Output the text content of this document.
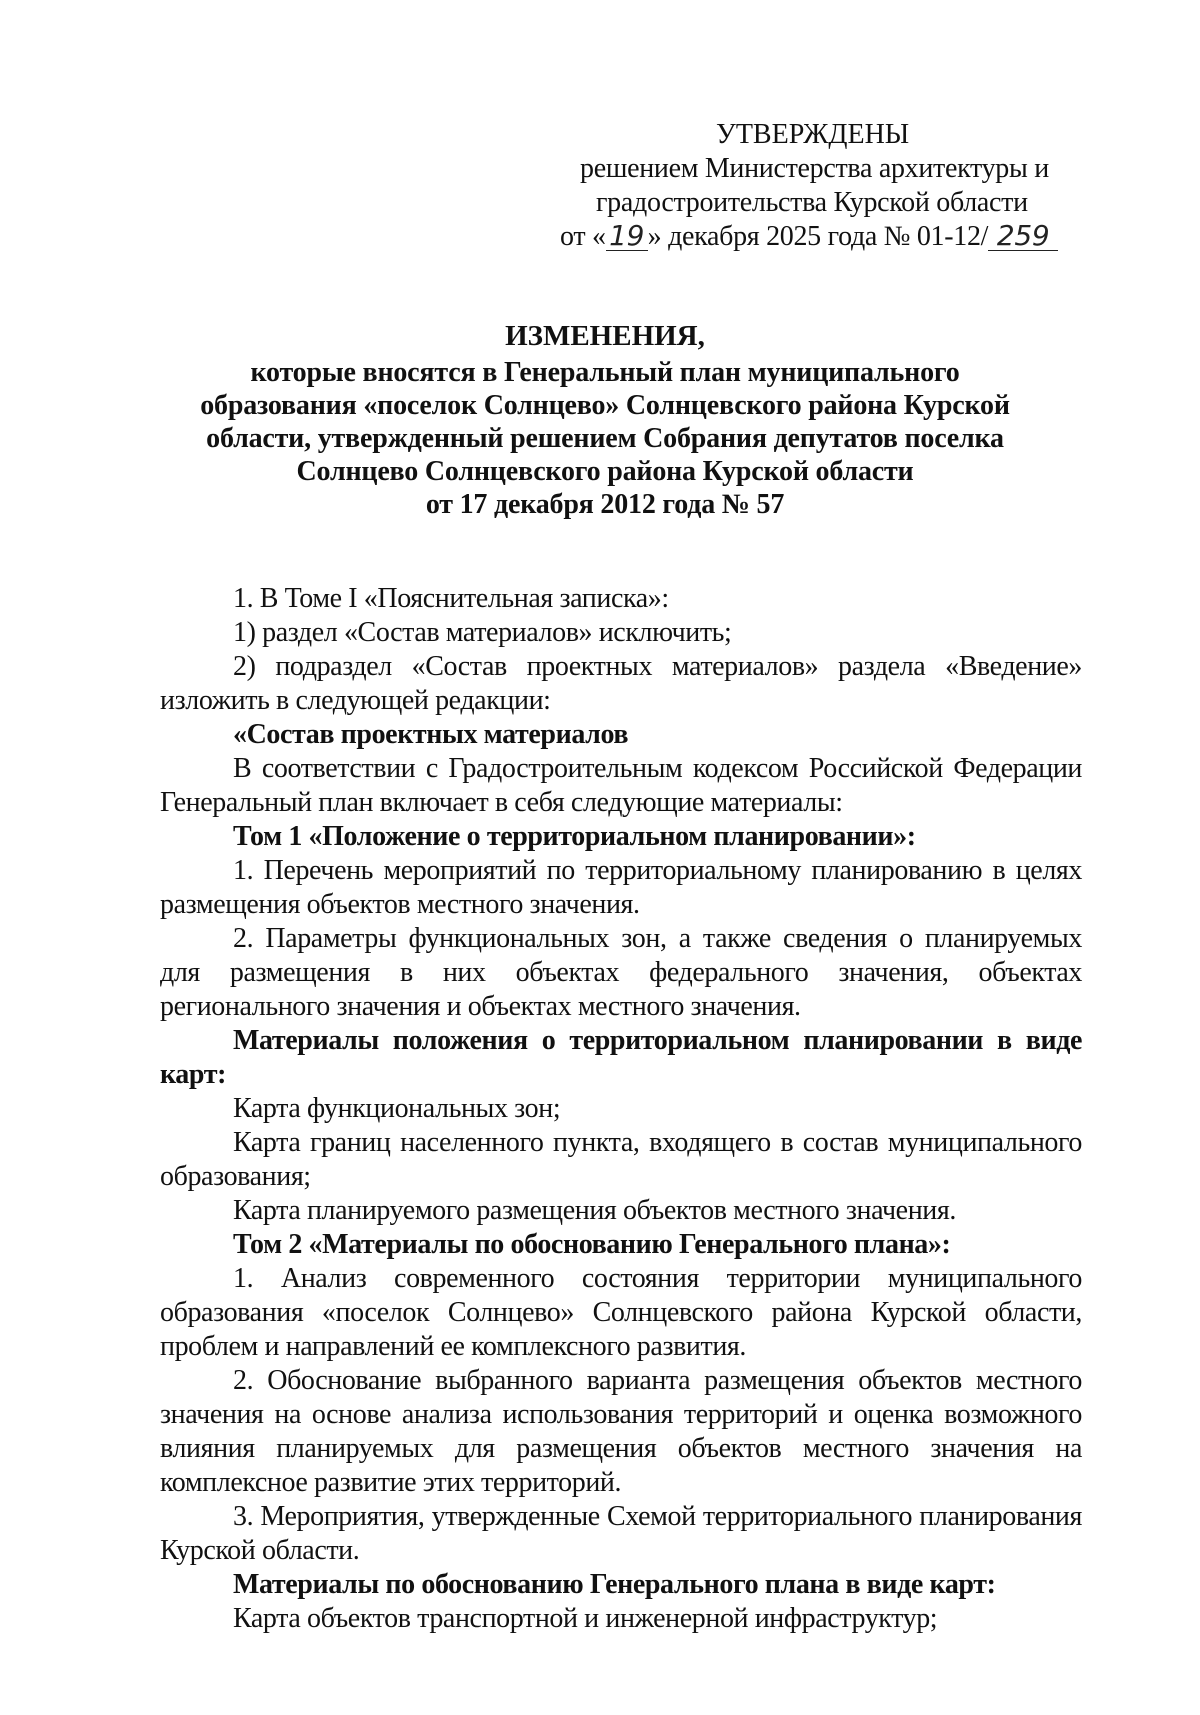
УТВЕРЖДЕНЫ
решением Министерства архитектуры и
градостроительства Курской области
от « 19 » декабря 2025 года № 01-12/ 259
ИЗМЕНЕНИЯ,
которые вносятся в Генеральный план муниципального
образования «поселок Солнцево» Солнцевского района Курской
области, утвержденный решением Собрания депутатов поселка
Солнцево Солнцевского района Курской области
от 17 декабря 2012 года № 57

1. В Томе I «Пояснительная записка»:

1) раздел «Состав материалов» исключить;

2) подраздел «Состав проектных материалов» раздела «Введение» изложить в следующей редакции:

«Состав проектных материалов

В соответствии с Градостроительным кодексом Российской Федерации Генеральный план включает в себя следующие материалы:

Том 1 «Положение о территориальном планировании»:

1. Перечень мероприятий по территориальному планированию в целях размещения объектов местного значения.

2. Параметры функциональных зон, а также сведения о планируемых для размещения в них объектах федерального значения, объектах регионального значения и объектах местного значения.

Материалы положения о территориальном планировании в виде карт:

Карта функциональных зон;

Карта границ населенного пункта, входящего в состав муниципального образования;

Карта планируемого размещения объектов местного значения.

Том 2 «Материалы по обоснованию Генерального плана»:

1. Анализ современного состояния территории муниципального образования «поселок Солнцево» Солнцевского района Курской области, проблем и направлений ее комплексного развития.

2. Обоснование выбранного варианта размещения объектов местного значения на основе анализа использования территорий и оценка возможного влияния планируемых для размещения объектов местного значения на комплексное развитие этих территорий.

3. Мероприятия, утвержденные Схемой территориального планирования Курской области.

Материалы по обоснованию Генерального плана в виде карт:

Карта объектов транспортной и инженерной инфраструктур;
